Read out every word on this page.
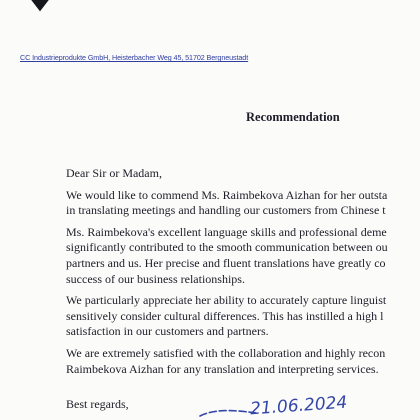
CC Industrieprodukte GmbH, Heisterbacher Weg 45, 51702 Bergneustadt

Recommendation

Dear Sir or Madam,

We would like to commend Ms. Raimbekova Aizhan for her outsta
in translating meetings and handling our customers from Chinese t

Ms. Raimbekova's excellent language skills and professional deme
significantly contributed to the smooth communication between ou
partners and us. Her precise and fluent translations have greatly co
success of our business relationships.

We particularly appreciate her ability to accurately capture linguist
sensitively consider cultural differences. This has instilled a high l
satisfaction in our customers and partners.

We are extremely satisfied with the collaboration and highly recon
Raimbekova Aizhan for any translation and interpreting services.

Best regards,	21.06.2024
